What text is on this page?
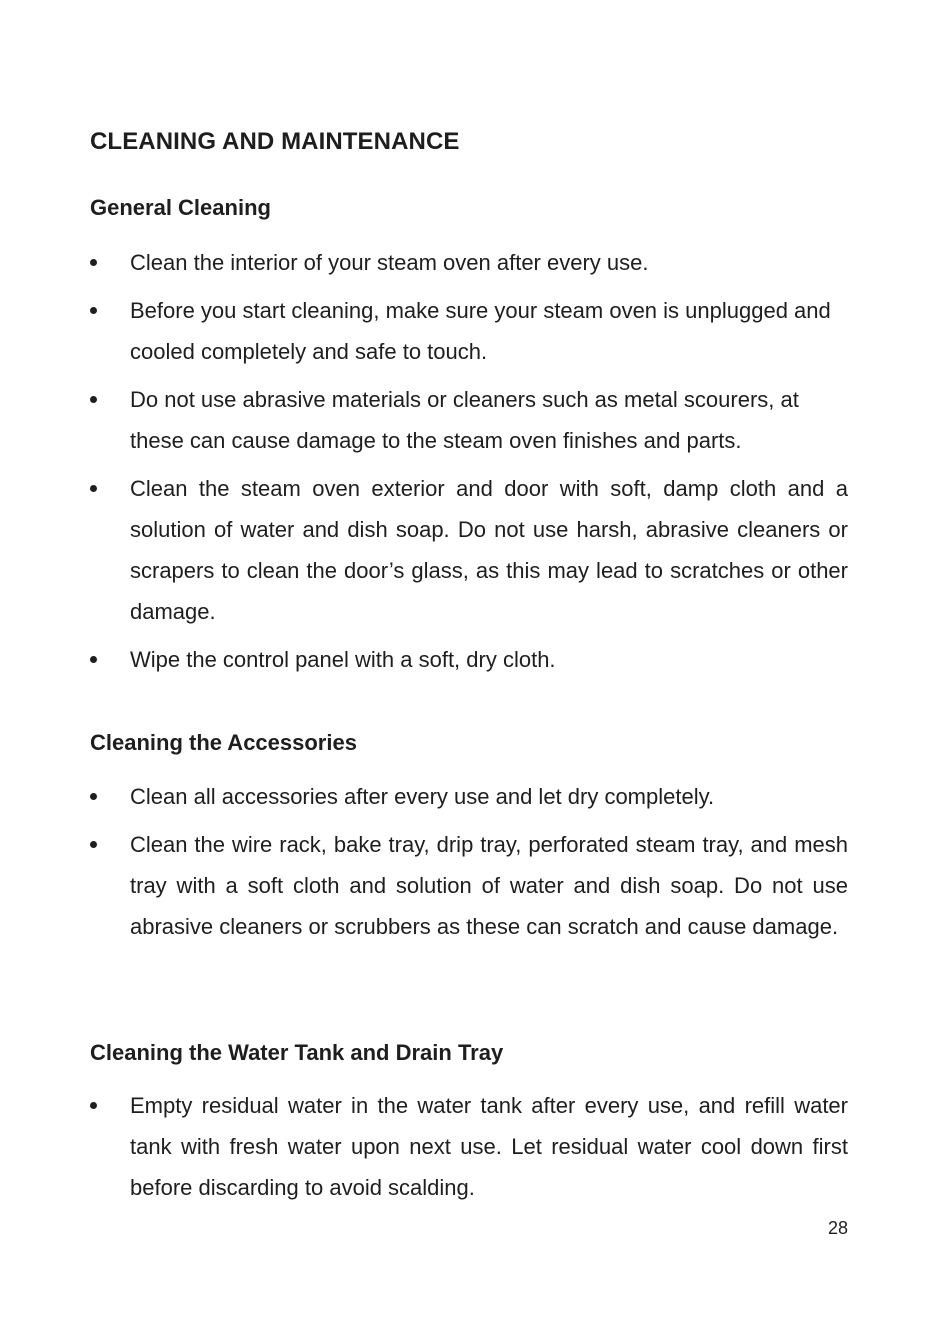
CLEANING AND MAINTENANCE
General Cleaning
Clean the interior of your steam oven after every use.
Before you start cleaning, make sure your steam oven is unplugged and cooled completely and safe to touch.
Do not use abrasive materials or cleaners such as metal scourers, at these can cause damage to the steam oven finishes and parts.
Clean the steam oven exterior and door with soft, damp cloth and a solution of water and dish soap. Do not use harsh, abrasive cleaners or scrapers to clean the door’s glass, as this may lead to scratches or other damage.
Wipe the control panel with a soft, dry cloth.
Cleaning the Accessories
Clean all accessories after every use and let dry completely.
Clean the wire rack, bake tray, drip tray, perforated steam tray, and mesh tray with a soft cloth and solution of water and dish soap. Do not use abrasive cleaners or scrubbers as these can scratch and cause damage.
Cleaning the Water Tank and Drain Tray
Empty residual water in the water tank after every use, and refill water tank with fresh water upon next use. Let residual water cool down first before discarding to avoid scalding.
28
